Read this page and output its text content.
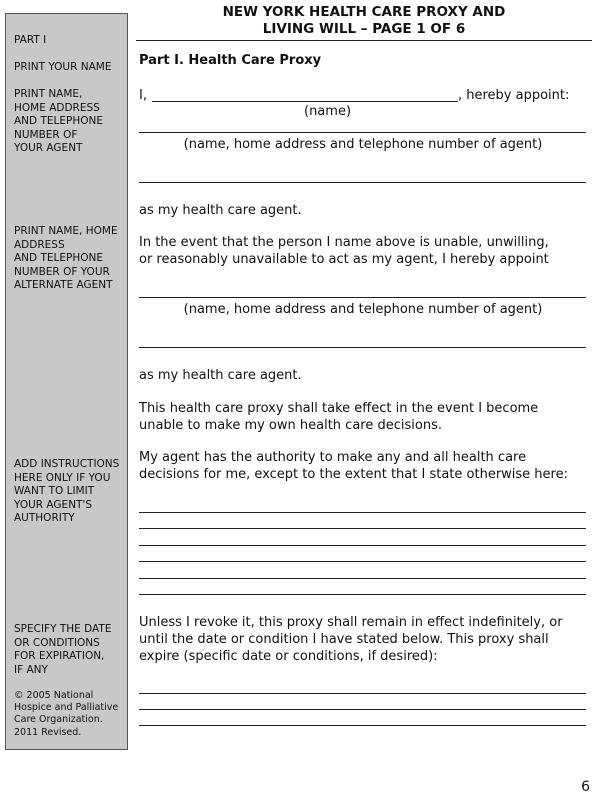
PART I
PRINT YOUR NAME
PRINT NAME,
HOME ADDRESS
AND TELEPHONE
NUMBER OF
YOUR AGENT
PRINT NAME, HOME
ADDRESS
AND TELEPHONE
NUMBER OF YOUR
ALTERNATE AGENT
ADD INSTRUCTIONS
HERE ONLY IF YOU
WANT TO LIMIT
YOUR AGENT'S
AUTHORITY
SPECIFY THE DATE
OR CONDITIONS
FOR EXPIRATION,
IF ANY
© 2005 National
Hospice and Palliative
Care Organization.
2011 Revised.
NEW YORK HEALTH CARE PROXY AND
LIVING WILL – PAGE 1 OF 6
Part I. Health Care Proxy
I,	, hereby appoint:
(name)
(name, home address and telephone number of agent)
as my health care agent.
In the event that the person I name above is unable, unwilling, or reasonably unavailable to act as my agent, I hereby appoint
(name, home address and telephone number of agent)
as my health care agent.
This health care proxy shall take effect in the event I become unable to make my own health care decisions.
My agent has the authority to make any and all health care decisions for me, except to the extent that I state otherwise here:
Unless I revoke it, this proxy shall remain in effect indefinitely, or until the date or condition I have stated below. This proxy shall expire (specific date or conditions, if desired):
6
